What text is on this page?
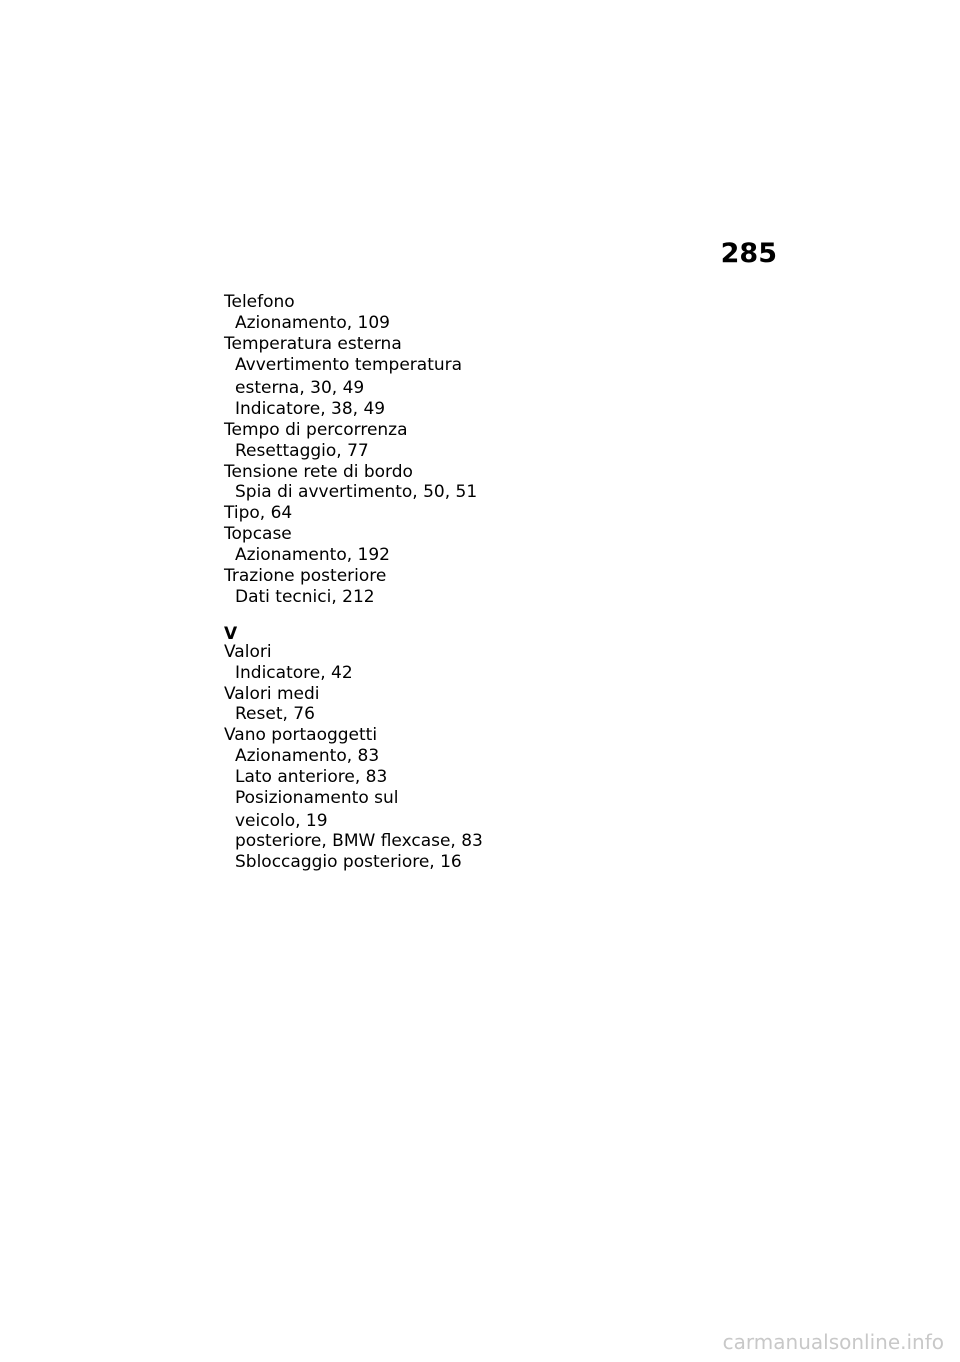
285
Telefono
Azionamento, 109
Temperatura esterna
Avvertimento temperatura
esterna, 30, 49
Indicatore, 38, 49
Tempo di percorrenza
Resettaggio, 77
Tensione rete di bordo
Spia di avvertimento, 50, 51
Tipo, 64
Topcase
Azionamento, 192
Trazione posteriore
Dati tecnici, 212
V
Valori
Indicatore, 42
Valori medi
Reset, 76
Vano portaoggetti
Azionamento, 83
Lato anteriore, 83
Posizionamento sul
veicolo, 19
posteriore, BMW flexcase, 83
Sbloccaggio posteriore, 16
carmanualsonline.info
